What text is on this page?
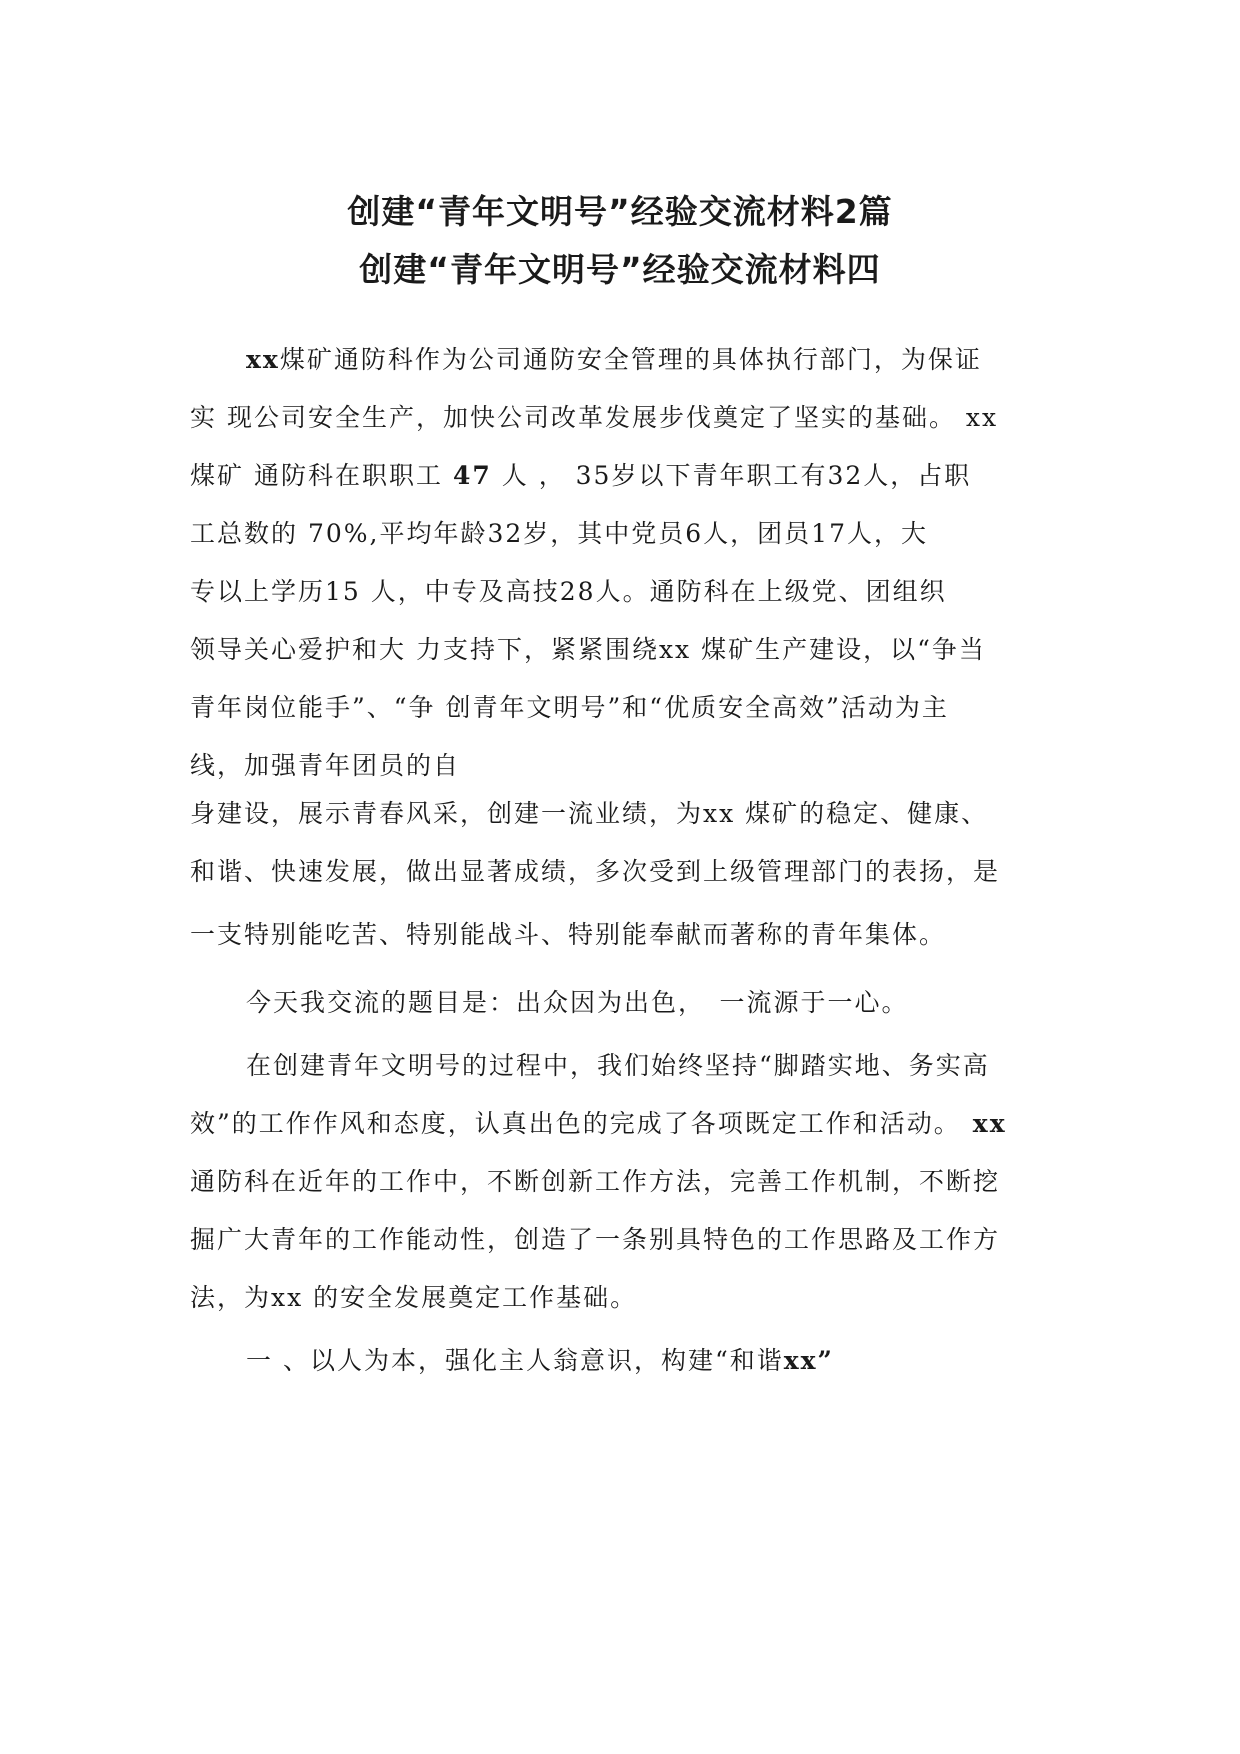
创建“青年文明号”经验交流材料2篇
创建“青年文明号”经验交流材料四
xx煤矿通防科作为公司通防安全管理的具体执行部门，为保证
实 现公司安全生产，加快公司改革发展步伐奠定了坚实的基础。 xx
煤矿 通防科在职职工 47 人 ， 35岁以下青年职工有32人，占职
工总数的 70%,平均年龄32岁，其中党员6人，团员17人，大
专以上学历15 人，中专及高技28人。通防科在上级党、团组织
领导关心爱护和大 力支持下，紧紧围绕xx 煤矿生产建设，以“争当
青年岗位能手”、“争 创青年文明号”和“优质安全高效”活动为主
线，加强青年团员的自
身建设，展示青春风采，创建一流业绩，为xx 煤矿的稳定、健康、
和谐、快速发展，做出显著成绩，多次受到上级管理部门的表扬，是
一支特别能吃苦、特别能战斗、特别能奉献而著称的青年集体。
今天我交流的题目是：出众因为出色，　一流源于一心。
在创建青年文明号的过程中，我们始终坚持“脚踏实地、务实高
效”的工作作风和态度，认真出色的完成了各项既定工作和活动。 xx
通防科在近年的工作中，不断创新工作方法，完善工作机制，不断挖
掘广大青年的工作能动性，创造了一条别具特色的工作思路及工作方
法，为xx 的安全发展奠定工作基础。
一 、以人为本，强化主人翁意识，构建“和谐xx”
